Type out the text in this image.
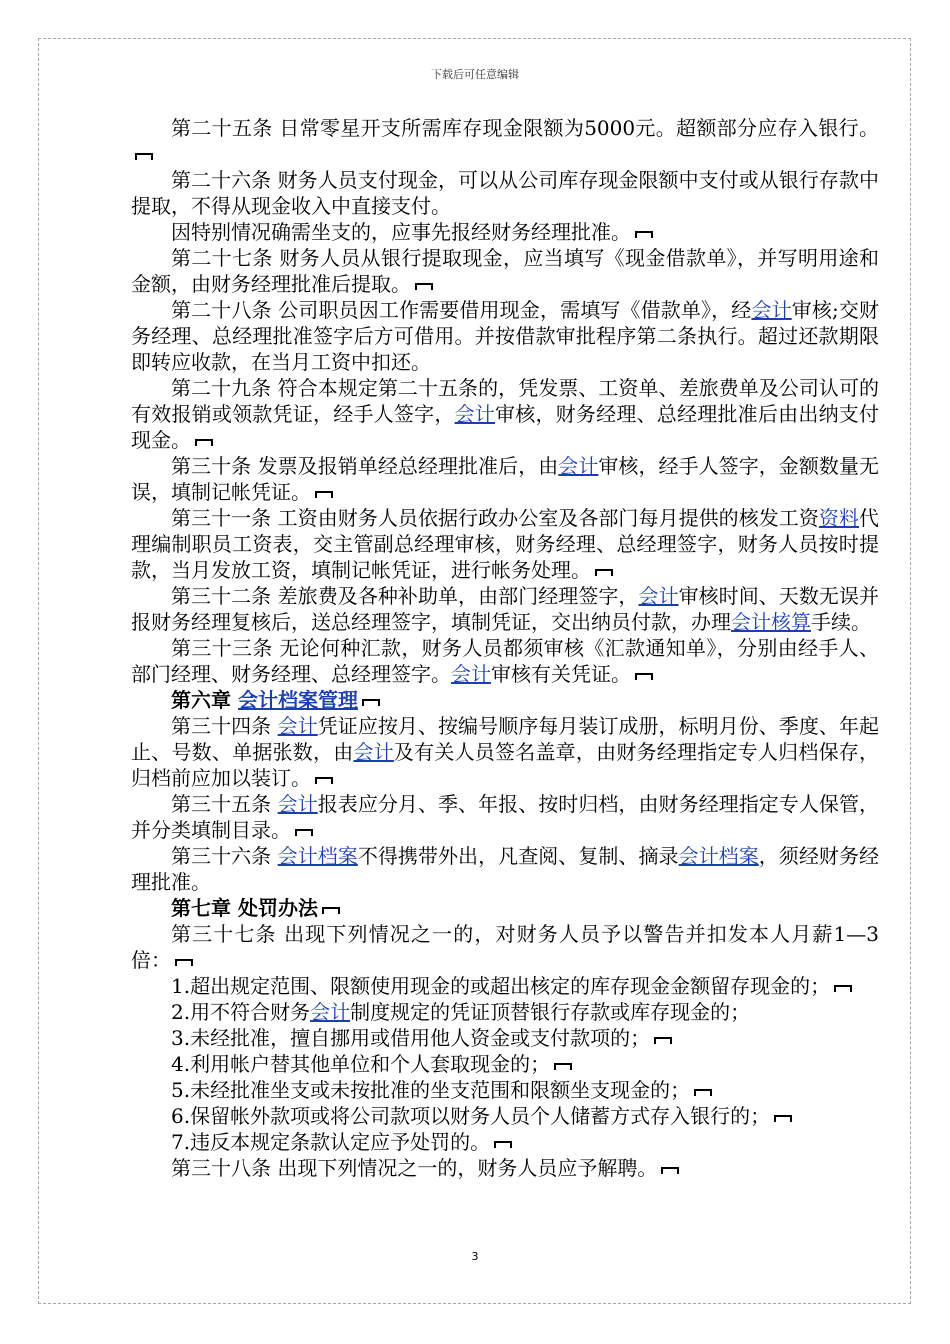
下载后可任意编辑

第二十五条 日常零星开支所需库存现金限额为5000元。超额部分应存入银行。

第二十六条 财务人员支付现金，可以从公司库存现金限额中支付或从银行存款中提取，不得从现金收入中直接支付。

因特别情况确需坐支的，应事先报经财务经理批准。

第二十七条 财务人员从银行提取现金，应当填写《现金借款单》，并写明用途和金额，由财务经理批准后提取。

第二十八条 公司职员因工作需要借用现金，需填写《借款单》，经会计审核;交财务经理、总经理批准签字后方可借用。并按借款审批程序第二条执行。超过还款期限即转应收款，在当月工资中扣还。

第二十九条 符合本规定第二十五条的，凭发票、工资单、差旅费单及公司认可的有效报销或领款凭证，经手人签字，会计审核，财务经理、总经理批准后由出纳支付现金。

第三十条 发票及报销单经总经理批准后，由会计审核，经手人签字，金额数量无误，填制记帐凭证。

第三十一条 工资由财务人员依据行政办公室及各部门每月提供的核发工资资料代理编制职员工资表，交主管副总经理审核，财务经理、总经理签字，财务人员按时提款，当月发放工资，填制记帐凭证，进行帐务处理。

第三十二条 差旅费及各种补助单，由部门经理签字，会计审核时间、天数无误并报财务经理复核后，送总经理签字，填制凭证，交出纳员付款，办理会计核算手续。

第三十三条 无论何种汇款，财务人员都须审核《汇款通知单》，分别由经手人、部门经理、财务经理、总经理签字。会计审核有关凭证。

第六章 会计档案管理

第三十四条 会计凭证应按月、按编号顺序每月装订成册，标明月份、季度、年起止、号数、单据张数，由会计及有关人员签名盖章，由财务经理指定专人归档保存，归档前应加以装订。

第三十五条 会计报表应分月、季、年报、按时归档，由财务经理指定专人保管，并分类填制目录。

第三十六条 会计档案不得携带外出，凡查阅、复制、摘录会计档案，须经财务经理批准。

第七章 处罚办法

第三十七条 出现下列情况之一的，对财务人员予以警告并扣发本人月薪1—3倍：

1.超出规定范围、限额使用现金的或超出核定的库存现金金额留存现金的；

2.用不符合财务会计制度规定的凭证顶替银行存款或库存现金的；

3.未经批准，擅自挪用或借用他人资金或支付款项的；

4.利用帐户替其他单位和个人套取现金的；

5.未经批准坐支或未按批准的坐支范围和限额坐支现金的；

6.保留帐外款项或将公司款项以财务人员个人储蓄方式存入银行的；

7.违反本规定条款认定应予处罚的。

第三十八条 出现下列情况之一的，财务人员应予解聘。

3
